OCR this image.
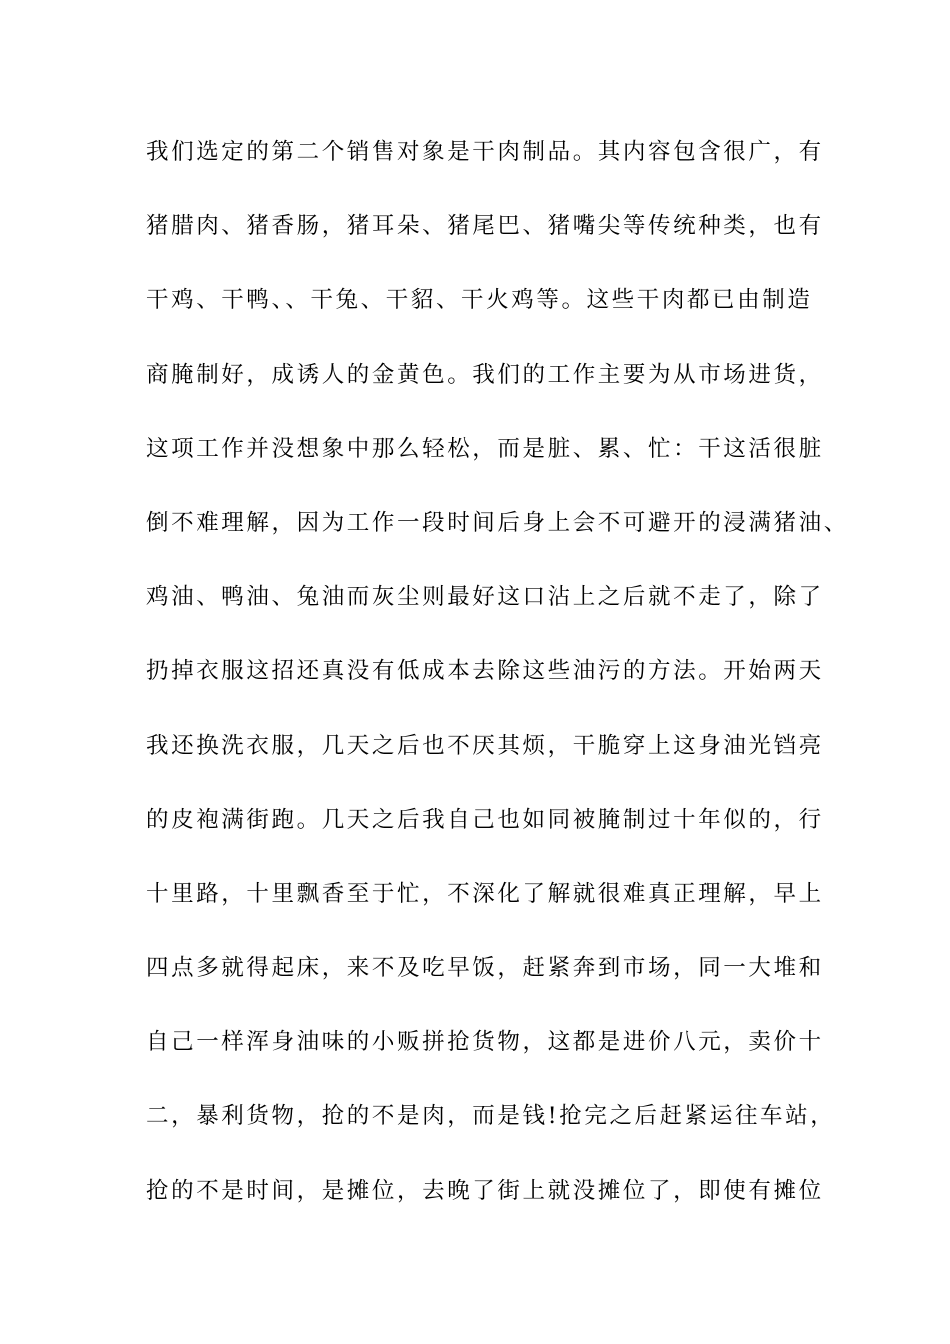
我们选定的第二个销售对象是干肉制品。其内容包含很广，有
猪腊肉、猪香肠，猪耳朵、猪尾巴、猪嘴尖等传统种类，也有
干鸡、干鸭、、干兔、干貂、干火鸡等。这些干肉都已由制造
商腌制好，成诱人的金黄色。我们的工作主要为从市场进货，
这项工作并没想象中那么轻松，而是脏、累、忙：干这活很脏
倒不难理解，因为工作一段时间后身上会不可避开的浸满猪油、
鸡油、鸭油、兔油而灰尘则最好这口沾上之后就不走了，除了
扔掉衣服这招还真没有低成本去除这些油污的方法。开始两天
我还换洗衣服，几天之后也不厌其烦，干脆穿上这身油光铛亮
的皮袍满街跑。几天之后我自己也如同被腌制过十年似的，行
十里路，十里飘香至于忙，不深化了解就很难真正理解，早上
四点多就得起床，来不及吃早饭，赶紧奔到市场，同一大堆和
自己一样浑身油味的小贩拼抢货物，这都是进价八元，卖价十
二，暴利货物，抢的不是肉，而是钱!抢完之后赶紧运往车站，
抢的不是时间，是摊位，去晚了街上就没摊位了，即使有摊位
